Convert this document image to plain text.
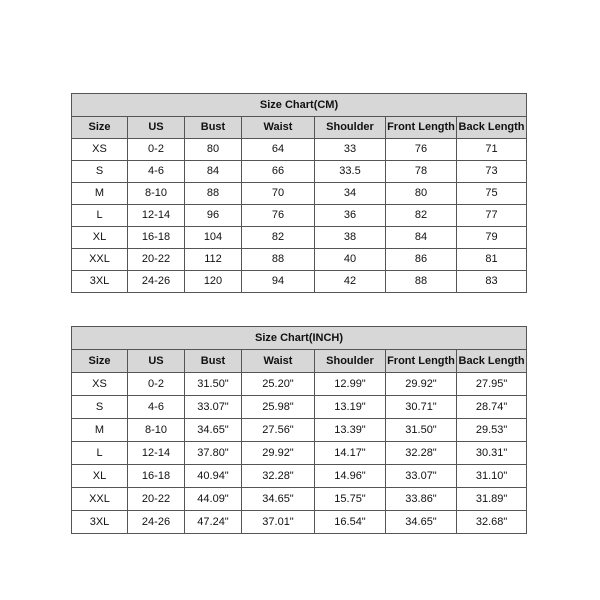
Size Chart(CM)						
Size	US	Bust	Waist	Shoulder	Front Length	Back Length
XS	0-2	80	64	33	76	71
S	4-6	84	66	33.5	78	73
M	8-10	88	70	34	80	75
L	12-14	96	76	36	82	77
XL	16-18	104	82	38	84	79
XXL	20-22	112	88	40	86	81
3XL	24-26	120	94	42	88	83
Size Chart(INCH)						
Size	US	Bust	Waist	Shoulder	Front Length	Back Length
XS	0-2	31.50"	25.20"	12.99"	29.92"	27.95"
S	4-6	33.07"	25.98"	13.19"	30.71"	28.74"
M	8-10	34.65"	27.56"	13.39"	31.50"	29.53"
L	12-14	37.80"	29.92"	14.17"	32.28"	30.31"
XL	16-18	40.94"	32.28"	14.96"	33.07"	31.10"
XXL	20-22	44.09"	34.65"	15.75"	33.86"	31.89"
3XL	24-26	47.24"	37.01"	16.54"	34.65"	32.68"
